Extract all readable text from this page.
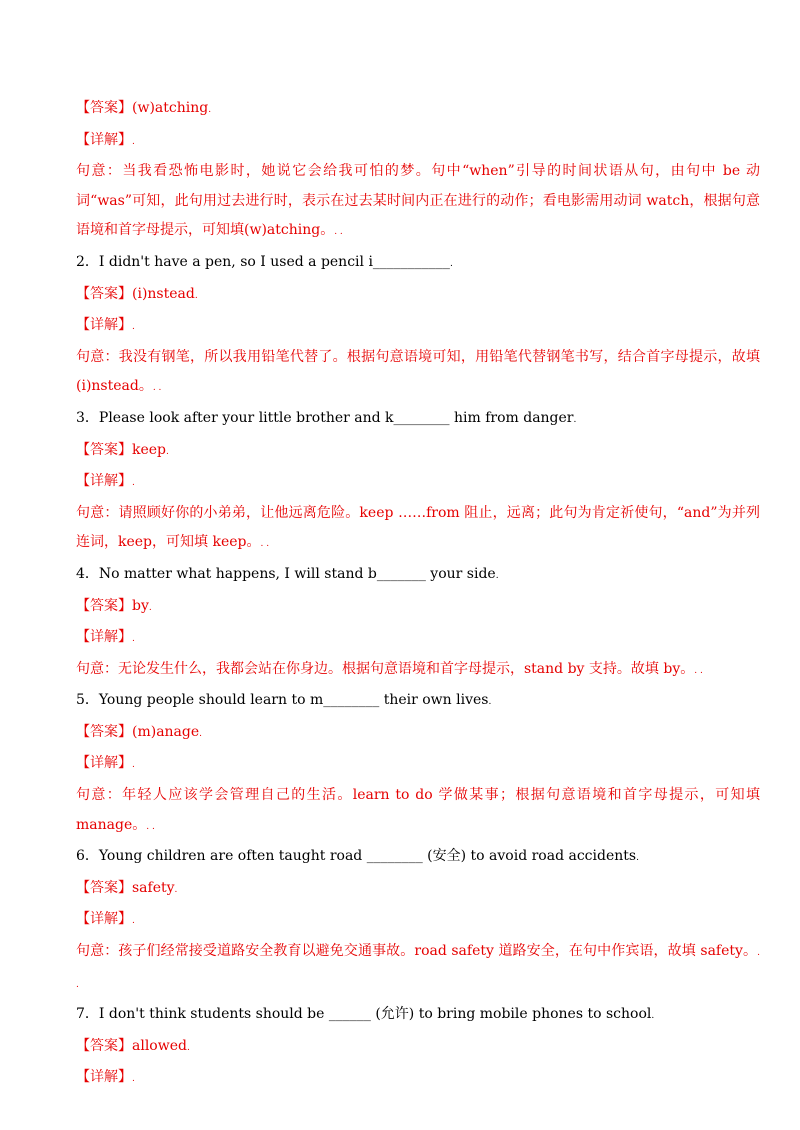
【答案】(w)atching.

【详解】.

句意：当我看恐怖电影时，她说它会给我可怕的梦。句中“when”引导的时间状语从句，由句中 be 动词“was”可知，此句用过去进行时，表示在过去某时间内正在进行的动作；看电影需用动词 watch，根据句意语境和首字母提示，可知填(w)atching。. .

2．I didn't have a pen, so I used a pencil i___________.

【答案】(i)nstead.

【详解】.

句意：我没有钢笔，所以我用铅笔代替了。根据句意语境可知，用铅笔代替钢笔书写，结合首字母提示，故填(i)nstead。. .

3．Please look after your little brother and k________ him from danger.

【答案】keep.

【详解】.

句意：请照顾好你的小弟弟，让他远离危险。keep ……from 阻止，远离；此句为肯定祈使句，“and”为并列连词，keep，可知填 keep。. .

4．No matter what happens, I will stand b_______ your side.

【答案】by.

【详解】.

句意：无论发生什么，我都会站在你身边。根据句意语境和首字母提示，stand by 支持。故填 by。. .

5．Young people should learn to m________ their own lives.

【答案】(m)anage.

【详解】.

句意：年轻人应该学会管理自己的生活。learn to do 学做某事；根据句意语境和首字母提示，可知填 manage。. .

6．Young children are often taught road ________ (安全) to avoid road accidents.

【答案】safety.

【详解】.

句意：孩子们经常接受道路安全教育以避免交通事故。road safety 道路安全，在句中作宾语，故填 safety。. .

7．I don't think students should be ______ (允许) to bring mobile phones to school.

【答案】allowed.

【详解】.
